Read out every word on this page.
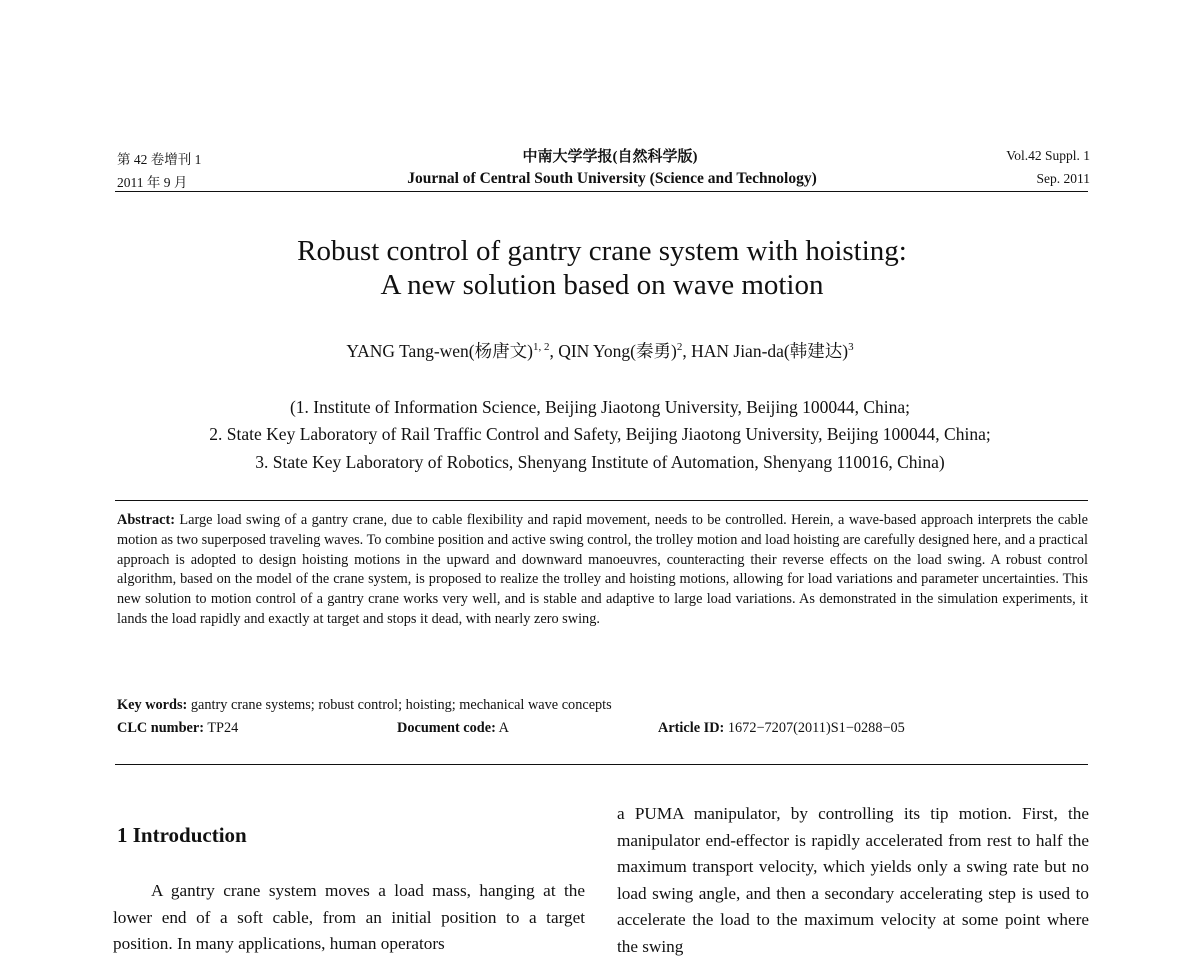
第 42 卷增刊 1
2011 年 9 月
中南大学学报(自然科学版)
Journal of Central South University (Science and Technology)
Vol.42 Suppl. 1
Sep. 2011
Robust control of gantry crane system with hoisting:
A new solution based on wave motion
YANG Tang-wen(杨唐文)$^{1, 2}$, QIN Yong(秦勇)$^2$, HAN Jian-da(韩建达)$^3$
(1. Institute of Information Science, Beijing Jiaotong University, Beijing 100044, China;
2. State Key Laboratory of Rail Traffic Control and Safety, Beijing Jiaotong University, Beijing 100044, China;
3. State Key Laboratory of Robotics, Shenyang Institute of Automation, Shenyang 110016, China)
Abstract: Large load swing of a gantry crane, due to cable flexibility and rapid movement, needs to be controlled. Herein, a wave-based approach interprets the cable motion as two superposed traveling waves. To combine position and active swing control, the trolley motion and load hoisting are carefully designed here, and a practical approach is adopted to design hoisting motions in the upward and downward manoeuvres, counteracting their reverse effects on the load swing. A robust control algorithm, based on the model of the crane system, is proposed to realize the trolley and hoisting motions, allowing for load variations and parameter uncertainties. This new solution to motion control of a gantry crane works very well, and is stable and adaptive to large load variations. As demonstrated in the simulation experiments, it lands the load rapidly and exactly at target and stops it dead, with nearly zero swing.
Key words: gantry crane systems; robust control; hoisting; mechanical wave concepts
CLC number: TP24	Document code: A	Article ID: 1672−7207(2011)S1−0288−05
1 Introduction
A gantry crane system moves a load mass, hanging at the lower end of a soft cable, from an initial position to a target position. In many applications, human operators
a PUMA manipulator, by controlling its tip motion. First, the manipulator end-effector is rapidly accelerated from rest to half the maximum transport velocity, which yields only a swing rate but no load swing angle, and then a secondary accelerating step is used to accelerate the load to the maximum velocity at some point where the swing
